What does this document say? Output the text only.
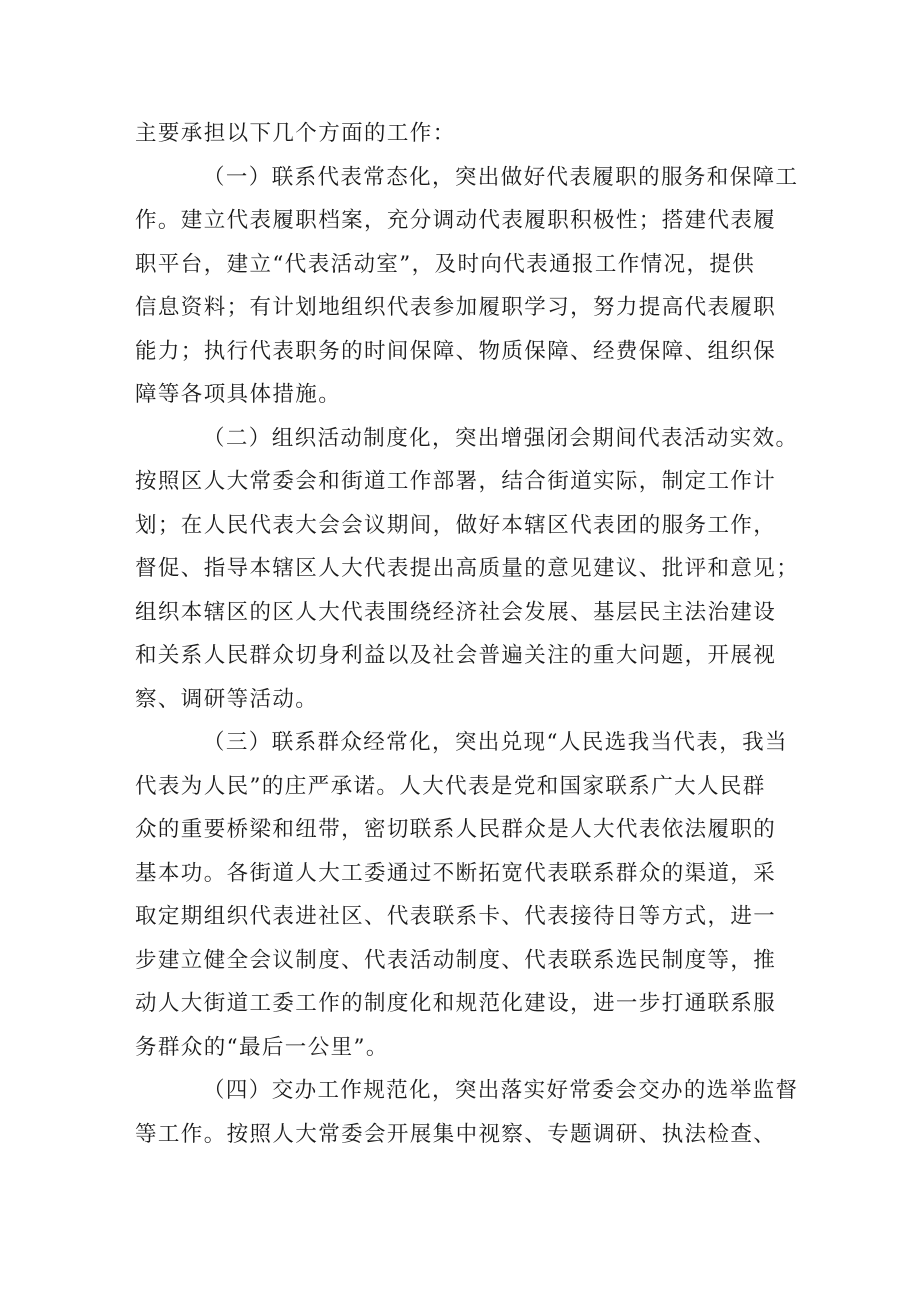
主要承担以下几个方面的工作：
（一）联系代表常态化，突出做好代表履职的服务和保障工
作。建立代表履职档案，充分调动代表履职积极性；搭建代表履
职平台，建立“代表活动室”，及时向代表通报工作情况，提供
信息资料；有计划地组织代表参加履职学习，努力提高代表履职
能力；执行代表职务的时间保障、物质保障、经费保障、组织保
障等各项具体措施。
（二）组织活动制度化，突出增强闭会期间代表活动实效。
按照区人大常委会和街道工作部署，结合街道实际，制定工作计
划；在人民代表大会会议期间，做好本辖区代表团的服务工作，
督促、指导本辖区人大代表提出高质量的意见建议、批评和意见；
组织本辖区的区人大代表围绕经济社会发展、基层民主法治建设
和关系人民群众切身利益以及社会普遍关注的重大问题，开展视
察、调研等活动。
（三）联系群众经常化，突出兑现“人民选我当代表，我当
代表为人民”的庄严承诺。人大代表是党和国家联系广大人民群
众的重要桥梁和纽带，密切联系人民群众是人大代表依法履职的
基本功。各街道人大工委通过不断拓宽代表联系群众的渠道，采
取定期组织代表进社区、代表联系卡、代表接待日等方式，进一
步建立健全会议制度、代表活动制度、代表联系选民制度等，推
动人大街道工委工作的制度化和规范化建设，进一步打通联系服
务群众的“最后一公里”。
（四）交办工作规范化，突出落实好常委会交办的选举监督
等工作。按照人大常委会开展集中视察、专题调研、执法检查、
